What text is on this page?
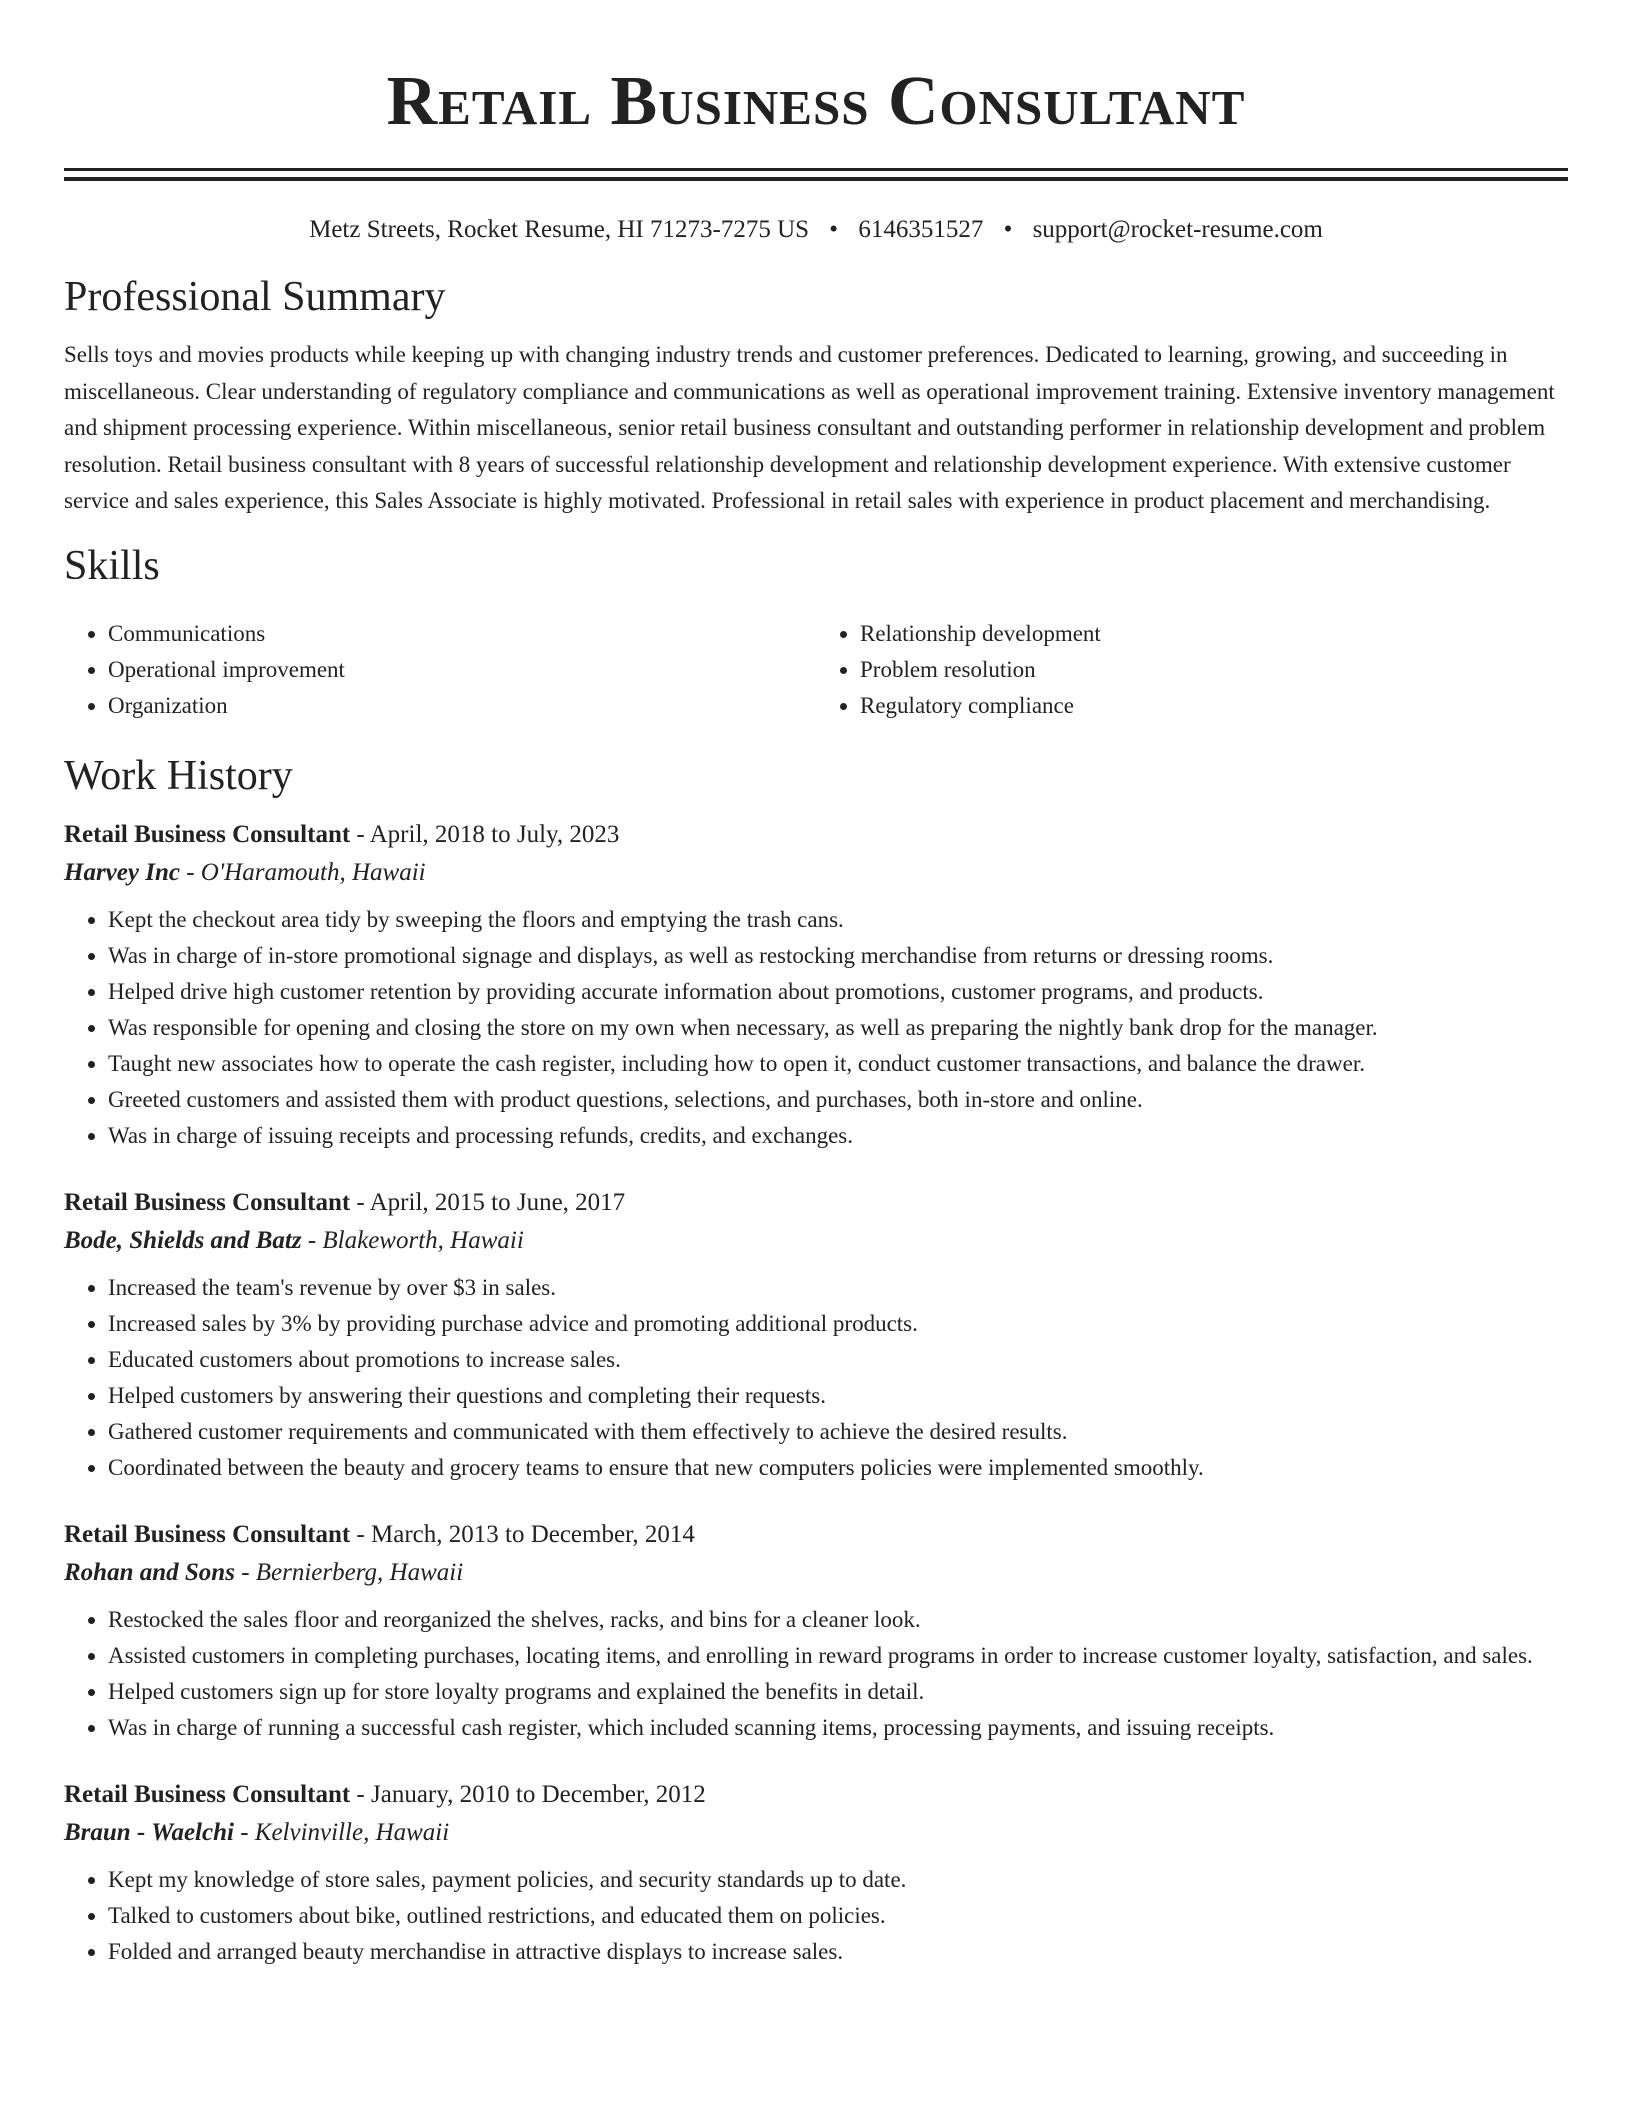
Retail Business Consultant
Metz Streets, Rocket Resume, HI 71273-7275 US • 6146351527 • support@rocket-resume.com
Professional Summary

Sells toys and movies products while keeping up with changing industry trends and customer preferences. Dedicated to learning, growing, and succeeding in miscellaneous. Clear understanding of regulatory compliance and communications as well as operational improvement training. Extensive inventory management and shipment processing experience. Within miscellaneous, senior retail business consultant and outstanding performer in relationship development and problem resolution. Retail business consultant with 8 years of successful relationship development and relationship development experience. With extensive customer service and sales experience, this Sales Associate is highly motivated. Professional in retail sales with experience in product placement and merchandising.

Skills
• Communications
• Operational improvement
• Organization
• Relationship development
• Problem resolution
• Regulatory compliance
Work History
Retail Business Consultant - April, 2018 to July, 2023
Harvey Inc - O'Haramouth, Hawaii
• Kept the checkout area tidy by sweeping the floors and emptying the trash cans.
• Was in charge of in-store promotional signage and displays, as well as restocking merchandise from returns or dressing rooms.
• Helped drive high customer retention by providing accurate information about promotions, customer programs, and products.
• Was responsible for opening and closing the store on my own when necessary, as well as preparing the nightly bank drop for the manager.
• Taught new associates how to operate the cash register, including how to open it, conduct customer transactions, and balance the drawer.
• Greeted customers and assisted them with product questions, selections, and purchases, both in-store and online.
• Was in charge of issuing receipts and processing refunds, credits, and exchanges.
Retail Business Consultant - April, 2015 to June, 2017
Bode, Shields and Batz - Blakeworth, Hawaii
• Increased the team's revenue by over $3 in sales.
• Increased sales by 3% by providing purchase advice and promoting additional products.
• Educated customers about promotions to increase sales.
• Helped customers by answering their questions and completing their requests.
• Gathered customer requirements and communicated with them effectively to achieve the desired results.
• Coordinated between the beauty and grocery teams to ensure that new computers policies were implemented smoothly.
Retail Business Consultant - March, 2013 to December, 2014
Rohan and Sons - Bernierberg, Hawaii
• Restocked the sales floor and reorganized the shelves, racks, and bins for a cleaner look.
• Assisted customers in completing purchases, locating items, and enrolling in reward programs in order to increase customer loyalty, satisfaction, and sales.
• Helped customers sign up for store loyalty programs and explained the benefits in detail.
• Was in charge of running a successful cash register, which included scanning items, processing payments, and issuing receipts.
Retail Business Consultant - January, 2010 to December, 2012
Braun - Waelchi - Kelvinville, Hawaii
• Kept my knowledge of store sales, payment policies, and security standards up to date.
• Talked to customers about bike, outlined restrictions, and educated them on policies.
• Folded and arranged beauty merchandise in attractive displays to increase sales.
